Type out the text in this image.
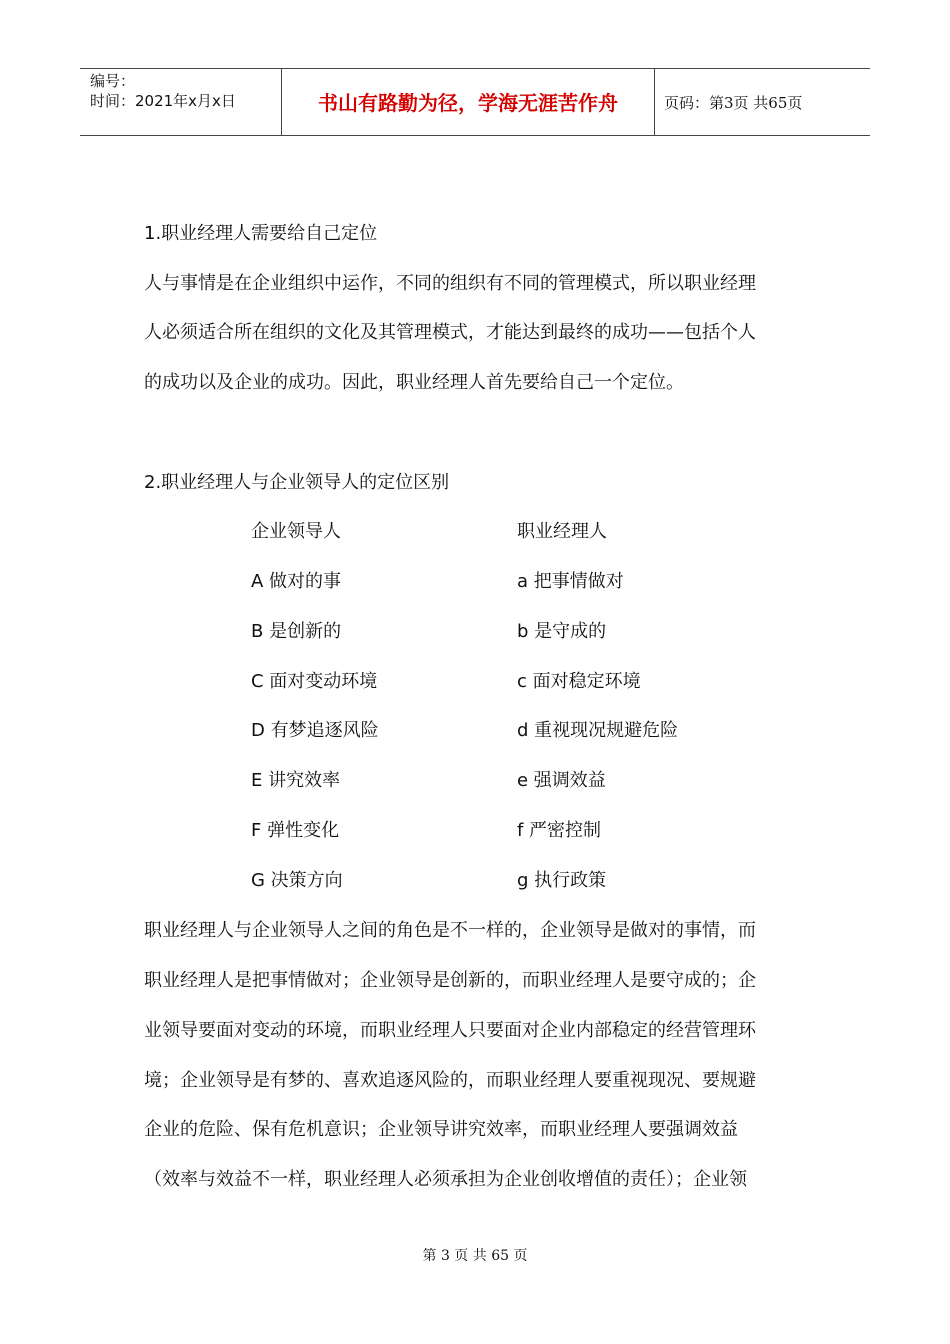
编号：
时间：2021年x月x日	书山有路勤为径，学海无涯苦作舟	页码：第3页 共65页
1.职业经理人需要给自己定位
人与事情是在企业组织中运作，不同的组织有不同的管理模式，所以职业经理
人必须适合所在组织的文化及其管理模式，才能达到最终的成功——包括个人
的成功以及企业的成功。因此，职业经理人首先要给自己一个定位。
2.职业经理人与企业领导人的定位区别
企业领导人	职业经理人
A 做对的事	a 把事情做对
B 是创新的	b 是守成的
C 面对变动环境	c 面对稳定环境
D 有梦追逐风险	d 重视现况规避危险
E 讲究效率	e 强调效益
F 弹性变化	f 严密控制
G 决策方向	g 执行政策
职业经理人与企业领导人之间的角色是不一样的，企业领导是做对的事情，而
职业经理人是把事情做对；企业领导是创新的，而职业经理人是要守成的；企
业领导要面对变动的环境，而职业经理人只要面对企业内部稳定的经营管理环
境；企业领导是有梦的、喜欢追逐风险的，而职业经理人要重视现况、要规避
企业的危险、保有危机意识；企业领导讲究效率，而职业经理人要强调效益
（效率与效益不一样，职业经理人必须承担为企业创收增值的责任）；企业领
第 3 页 共 65 页
